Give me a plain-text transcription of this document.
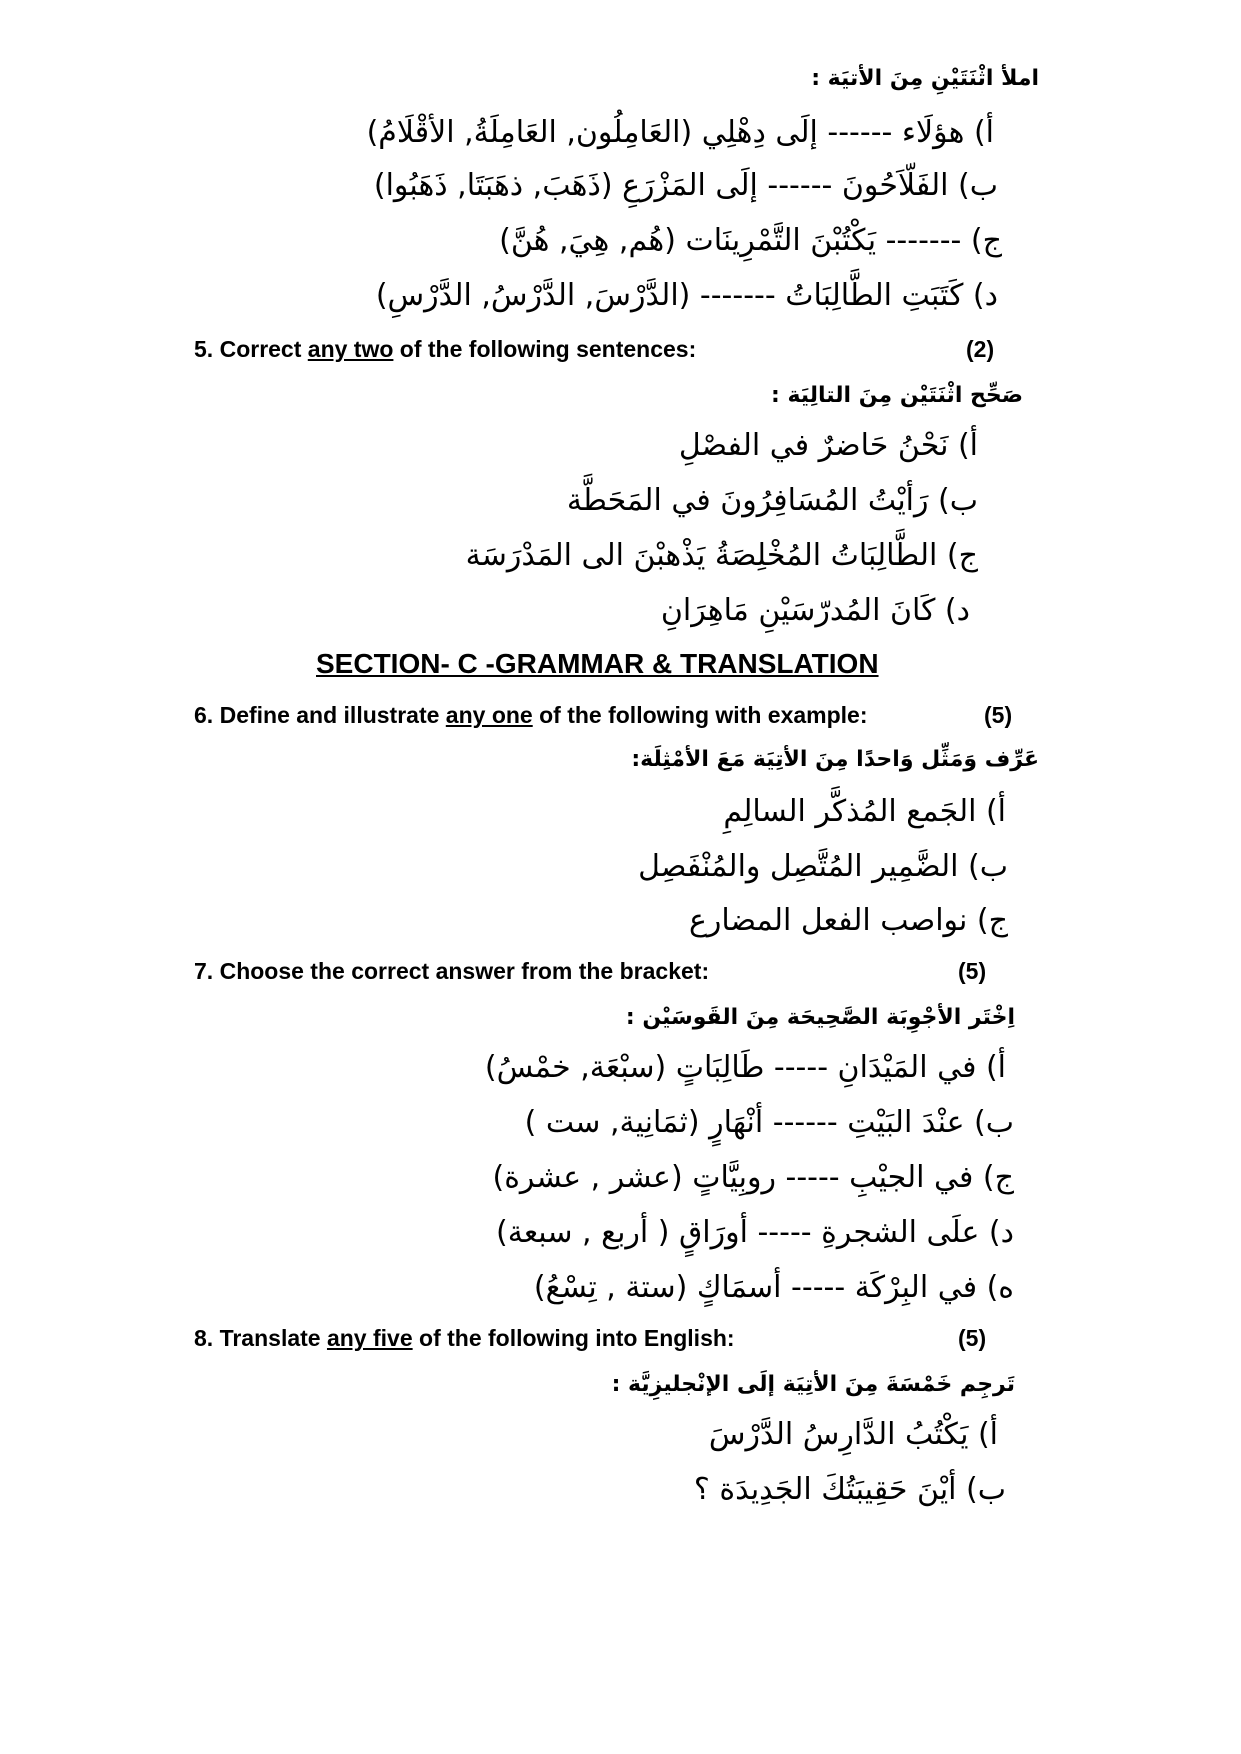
املأ اثْنَتَيْنِ مِنَ الأتيَة :
أ) هؤلَاء ------ إلَى دِهْلِي (العَامِلُون, العَامِلَةُ, الأقْلَامُ)
ب) الفَلّاَحُونَ ------ إلَى المَزْرَعِ (ذَهَبَ, ذهَبَتَا, ذَهَبُوا)
ج) ------- يَكْتُبْنَ التَّمْرِينَات (هُم, هِيَ, هُنَّ)
د) كَتَبَتِ الطَّالِبَاتُ ------- (الدَّرْسَ, الدَّرْسُ, الدَّرْسِ)
5. Correct any two of the following sentences:	(2)
صَحِّح اثْنَتَيْن مِنَ التالِيَة :
أ) نَحْنُ حَاضرٌ في الفصْلِ
ب) رَأيْتُ المُسَافِرُونَ في المَحَطَّة
ج) الطَّالِبَاتُ المُخْلِصَةُ يَذْهبْنَ الى المَدْرَسَة
د) كَانَ المُدرّسَيْنِ مَاهِرَانِ
SECTION- C -GRAMMAR & TRANSLATION
6. Define and illustrate any one of the following with example:	(5)
عَرِّف وَمَثِّل وَاحدًا مِنَ الأتِيَة مَعَ الأمْثِلَة:
أ) الجَمع المُذكَّر السالِمِ
ب) الضَّمِير المُتَّصِل والمُنْفَصِل
ج) نواصب الفعل المضارع
7. Choose the correct answer from the bracket:	(5)
اِخْتَر الأجْوِبَة الصَّحِيحَة مِنَ القَوسَيْن :
أ) في المَيْدَانِ ----- طَالِبَاتٍ (سبْعَة, خمْسُ)
ب) عنْدَ البَيْتِ ------ أنْهَارٍ (ثمَانِية, ست )
ج) في الجيْبِ ----- روبِيَّاتٍ (عشر , عشرة)
د) علَى الشجرةِ ----- أورَاقٍ ( أربع , سبعة)
ه) في البِرْكَة ----- أسمَاكٍ (ستة , تِسْعُ)
8. Translate any five of the following into English:	(5)
تَرجِم خَمْسَةَ مِنَ الأتِيَة إلَى الإنْجليزِيَّة :
أ) يَكْتُبُ الدَّارِسُ الدَّرْسَ
ب) أيْنَ حَقِيبَتُكَ الجَدِيدَة ؟
